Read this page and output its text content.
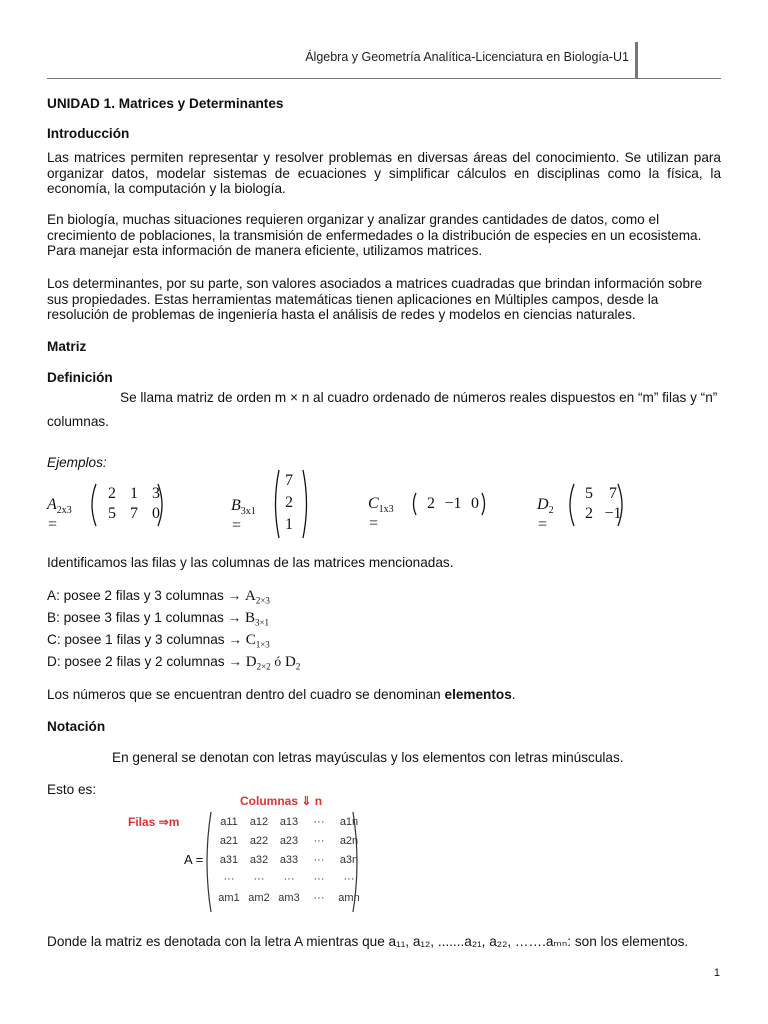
Álgebra y Geometría Analítica-Licenciatura en Biología-U1
UNIDAD 1. Matrices y Determinantes
Introducción
Las matrices permiten representar y resolver problemas en diversas áreas del conocimiento. Se utilizan para organizar datos, modelar sistemas de ecuaciones y simplificar cálculos en disciplinas como la física, la economía, la computación y la biología.
En biología, muchas situaciones requieren organizar y analizar grandes cantidades de datos, como el crecimiento de poblaciones, la transmisión de enfermedades o la distribución de especies en un ecosistema. Para manejar esta información de manera eficiente, utilizamos matrices.
Los determinantes, por su parte, son valores asociados a matrices cuadradas que brindan información sobre sus propiedades. Estas herramientas matemáticas tienen aplicaciones en Múltiples campos, desde la resolución de problemas de ingeniería hasta el análisis de redes y modelos en ciencias naturales.
Matriz
Definición
Se llama matriz de orden m × n al cuadro ordenado de números reales dispuestos en “m” filas y “n” columnas.
Ejemplos:
$A_{2x3}$ =
2 1 3
5 7 0	$B_{3x1}$ =
7
2
1
$C_{1x3}$ =
2 −1 0	$D_2$ =
5	7
2 −1
Identificamos las filas y las columnas de las matrices mencionadas.
A: posee 2 filas y 3 columnas → $A_{2\times 3}$
B: posee 3 filas y 1 columnas → $B_{3\times 1}$
C: posee 1 filas y 3 columnas → $C_{1\times 3}$
D: posee 2 filas y 2 columnas → $D_{2\times 2}$ ó $D_2$
Los números que se encuentran dentro del cuadro se denominan elementos.
Notación
En general se denotan con letras mayúsculas y los elementos con letras minúsculas.
Esto es:
Columnas ⇓ n
Filas ⇒m
A =
a11	a12	a13	···	a1n
a21	a22	a23	···	a2n
a31	a32	a33	···	a3n
···	···	···	···	···
am1 am2 am3	···	amn
Donde la matriz es denotada con la letra A mientras que a₁₁, a₁₂, .......a₂₁, a₂₂, …….aₘₙ: son los elementos.
1
